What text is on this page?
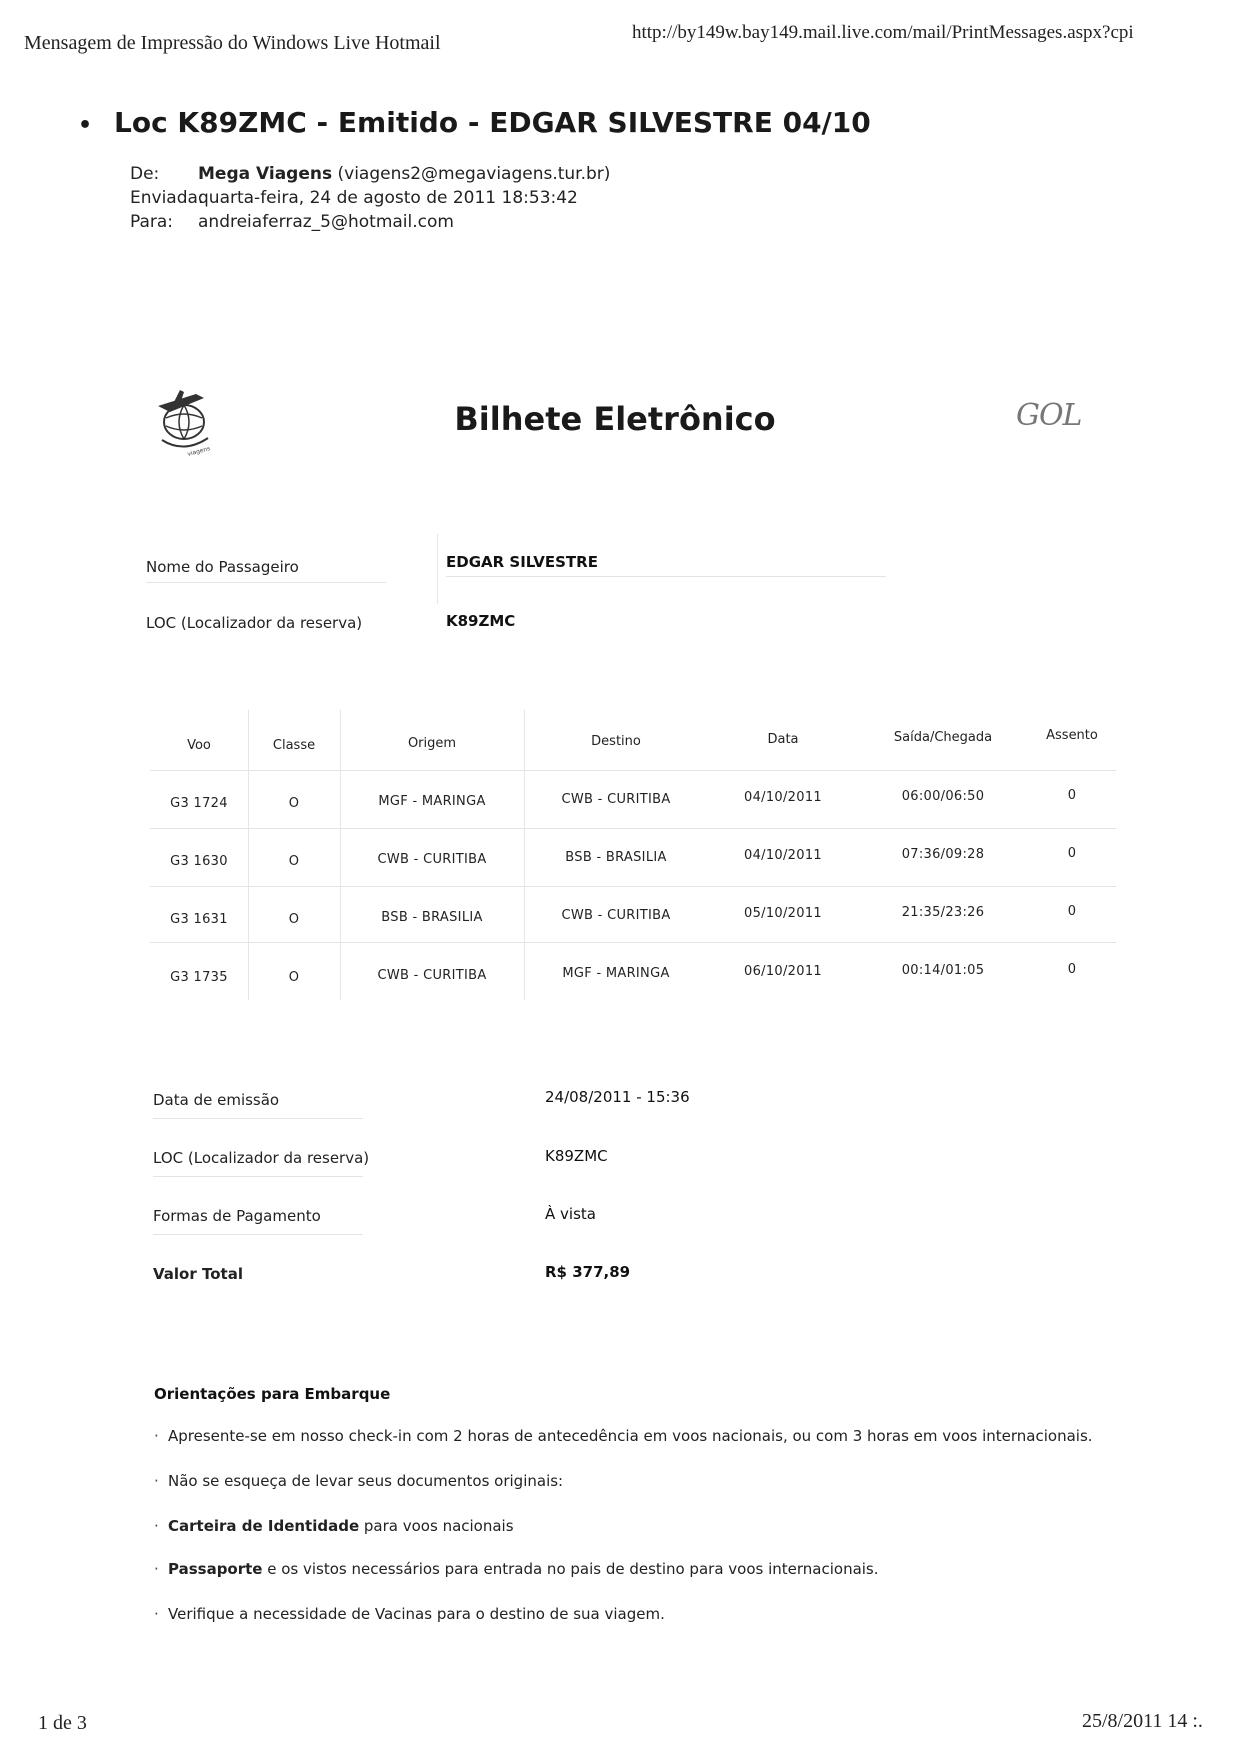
Mensagem de Impressão do Windows Live Hotmail	http://by149w.bay149.mail.live.com/mail/PrintMessages.aspx?cpi
• Loc K89ZMC - Emitido - EDGAR SILVESTRE 04/10
De: Mega Viagens (viagens2@megaviagens.tur.br)
Enviada:quarta-feira, 24 de agosto de 2011 18:53:42
Para: andreiaferraz_5@hotmail.com
viagens
Bilhete Eletrônico	GOL
Nome do Passageiro	EDGAR SILVESTRE
LOC (Localizador da reserva)	K89ZMC
Voo	Classe	Origem	Destino	Data	Saída/Chegada	Assento
G3 1724	O	MGF - MARINGA	CWB - CURITIBA	04/10/2011	06:00/06:50	0
G3 1630	O	CWB - CURITIBA	BSB - BRASILIA	04/10/2011	07:36/09:28	0
G3 1631	O	BSB - BRASILIA	CWB - CURITIBA	05/10/2011	21:35/23:26	0
G3 1735	O	CWB - CURITIBA	MGF - MARINGA	06/10/2011	00:14/01:05	0
Data de emissão	24/08/2011 - 15:36
LOC (Localizador da reserva)	K89ZMC
Formas de Pagamento	À vista
Valor Total	R$ 377,89
Orientações para Embarque
· Apresente-se em nosso check-in com 2 horas de antecedência em voos nacionais, ou com 3 horas em voos internacionais.
· Não se esqueça de levar seus documentos originais:
· Carteira de Identidade para voos nacionais
· Passaporte e os vistos necessários para entrada no pais de destino para voos internacionais.
· Verifique a necessidade de Vacinas para o destino de sua viagem.
1 de 3	25/8/2011 14 :.
